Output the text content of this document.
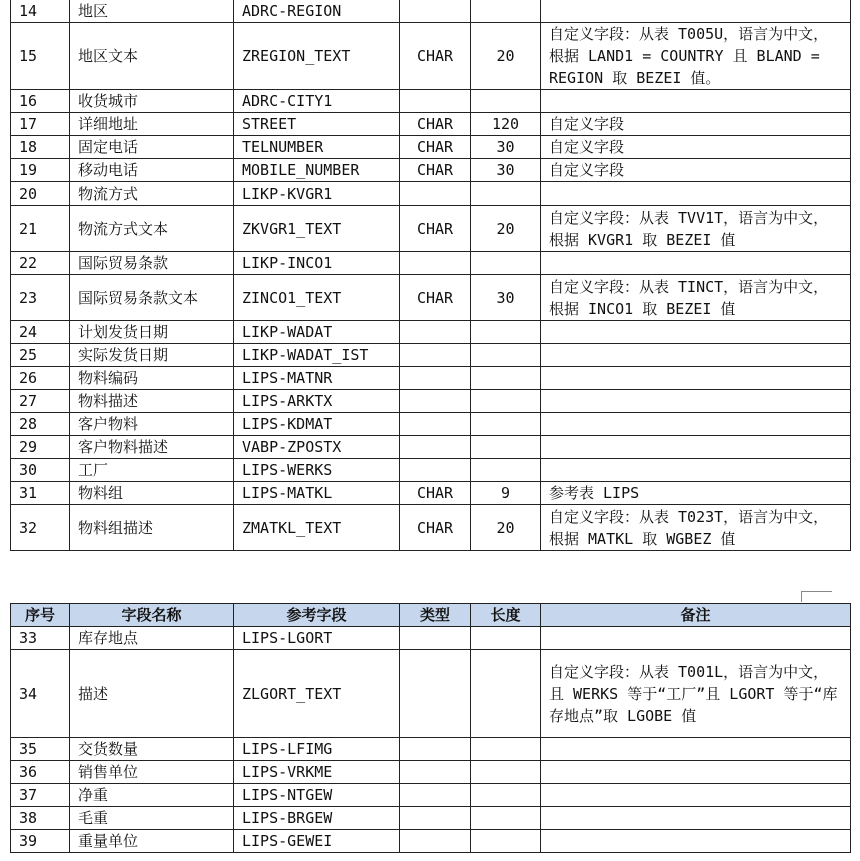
14	地区	ADRC-REGION			
15	地区文本	ZREGION_TEXT	CHAR	20	自定义字段：从表 T005U，语言为中文，根据 LAND1 = COUNTRY 且 BLAND = REGION 取 BEZEI 值。
16	收货城市	ADRC-CITY1			
17	详细地址	STREET	CHAR	120	自定义字段
18	固定电话	TELNUMBER	CHAR	30	自定义字段
19	移动电话	MOBILE_NUMBER	CHAR	30	自定义字段
20	物流方式	LIKP-KVGR1			
21	物流方式文本	ZKVGR1_TEXT	CHAR	20	自定义字段：从表 TVV1T，语言为中文，根据 KVGR1 取 BEZEI 值
22	国际贸易条款	LIKP-INCO1			
23	国际贸易条款文本	ZINCO1_TEXT	CHAR	30	自定义字段：从表 TINCT，语言为中文，根据 INCO1 取 BEZEI 值
24	计划发货日期	LIKP-WADAT			
25	实际发货日期	LIKP-WADAT_IST			
26	物料编码	LIPS-MATNR			
27	物料描述	LIPS-ARKTX			
28	客户物料	LIPS-KDMAT			
29	客户物料描述	VABP-ZPOSTX			
30	工厂	LIPS-WERKS			
31	物料组	LIPS-MATKL	CHAR	9	参考表 LIPS
32	物料组描述	ZMATKL_TEXT	CHAR	20	自定义字段：从表 T023T，语言为中文，根据 MATKL 取 WGBEZ 值
序号	字段名称	参考字段	类型	长度	备注
33	库存地点	LIPS-LGORT			
34	描述	ZLGORT_TEXT			自定义字段：从表 T001L，语言为中文，且 WERKS 等于“工厂”且 LGORT 等于“库存地点”取 LGOBE 值
35	交货数量	LIPS-LFIMG			
36	销售单位	LIPS-VRKME			
37	净重	LIPS-NTGEW			
38	毛重	LIPS-BRGEW			
39	重量单位	LIPS-GEWEI			
